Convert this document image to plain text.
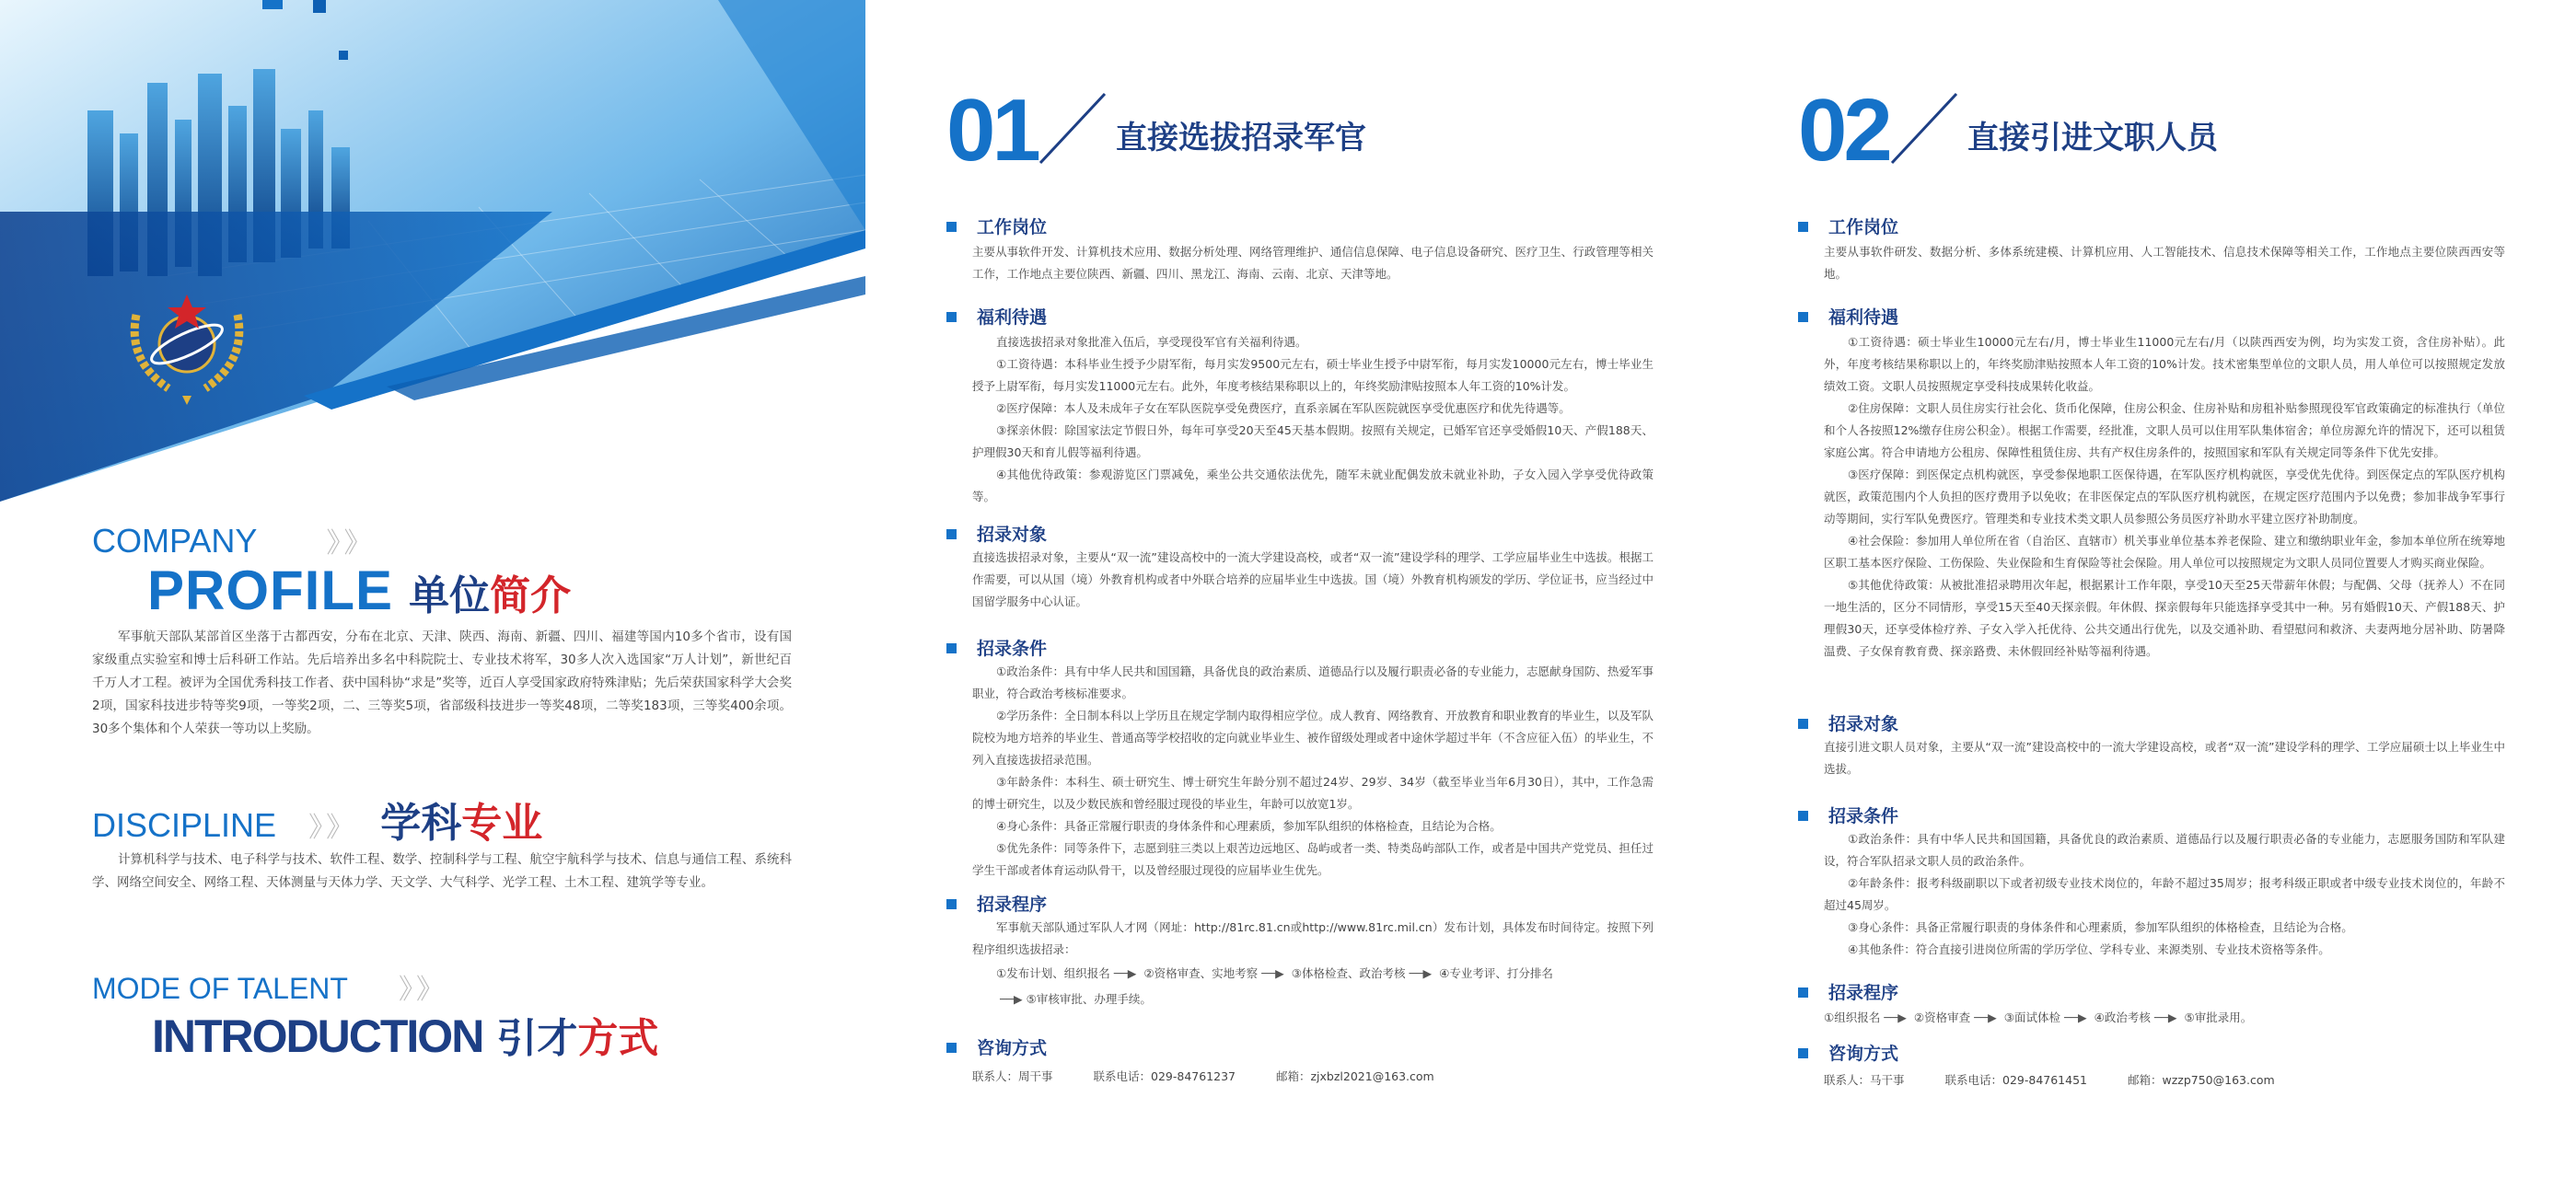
COMPANY	》》
PROFILE 单位简介
军事航天部队某部首区坐落于古都西安，分布在北京、天津、陕西、海南、新疆、四川、福建等国内10多个省市，设有国家级重点实验室和博士后科研工作站。先后培养出多名中科院院士、专业技术将军，30多人次入选国家“万人计划”，新世纪百千万人才工程。被评为全国优秀科技工作者、获中国科协“求是”奖等，近百人享受国家政府特殊津贴；先后荣获国家科学大会奖2项，国家科技进步特等奖9项，一等奖2项，二、三等奖5项，省部级科技进步一等奖48项，二等奖183项，三等奖400余项。30多个集体和个人荣获一等功以上奖励。
DISCIPLINE 》》 学科专业
计算机科学与技术、电子科学与技术、软件工程、数学、控制科学与工程、航空宇航科学与技术、信息与通信工程、系统科学、网络空间安全、网络工程、天体测量与天体力学、天文学、大气科学、光学工程、土木工程、建筑学等专业。
MODE OF TALENT 》》
INTRODUCTION 引才方式
01	直接选拔招录军官
工作岗位

主要从事软件开发、计算机技术应用、数据分析处理、网络管理维护、通信信息保障、电子信息设备研究、医疗卫生、行政管理等相关工作，工作地点主要位陕西、新疆、四川、黑龙江、海南、云南、北京、天津等地。

福利待遇

直接选拔招录对象批准入伍后，享受现役军官有关福利待遇。

①工资待遇：本科毕业生授予少尉军衔，每月实发9500元左右，硕士毕业生授予中尉军衔，每月实发10000元左右，博士毕业生授予上尉军衔，每月实发11000元左右。此外，年度考核结果称职以上的，年终奖励津贴按照本人年工资的10%计发。

②医疗保障：本人及未成年子女在军队医院享受免费医疗，直系亲属在军队医院就医享受优惠医疗和优先待遇等。

③探亲休假：除国家法定节假日外，每年可享受20天至45天基本假期。按照有关规定，已婚军官还享受婚假10天、产假188天、护理假30天和育儿假等福利待遇。

④其他优待政策：参观游览区门票减免，乘坐公共交通依法优先，随军未就业配偶发放未就业补助，子女入园入学享受优待政策等。

招录对象

直接选拔招录对象，主要从“双一流”建设高校中的一流大学建设高校，或者“双一流”建设学科的理学、工学应届毕业生中选拔。根据工作需要，可以从国（境）外教育机构或者中外联合培养的应届毕业生中选拔。国（境）外教育机构颁发的学历、学位证书，应当经过中国留学服务中心认证。

招录条件

①政治条件：具有中华人民共和国国籍，具备优良的政治素质、道德品行以及履行职责必备的专业能力，志愿献身国防、热爱军事职业，符合政治考核标准要求。

②学历条件：全日制本科以上学历且在规定学制内取得相应学位。成人教育、网络教育、开放教育和职业教育的毕业生，以及军队院校为地方培养的毕业生、普通高等学校招收的定向就业毕业生、被作留级处理或者中途休学超过半年（不含应征入伍）的毕业生，不列入直接选拔招录范围。

③年龄条件：本科生、硕士研究生、博士研究生年龄分别不超过24岁、29岁、34岁（截至毕业当年6月30日），其中，工作急需的博士研究生，以及少数民族和曾经服过现役的毕业生，年龄可以放宽1岁。

④身心条件：具备正常履行职责的身体条件和心理素质，参加军队组织的体格检查，且结论为合格。

⑤优先条件：同等条件下，志愿到驻三类以上艰苦边远地区、岛屿或者一类、特类岛屿部队工作，或者是中国共产党党员、担任过学生干部或者体育运动队骨干，以及曾经服过现役的应届毕业生优先。

招录程序

军事航天部队通过军队人才网（网址：http://81rc.81.cn或http://www.81rc.mil.cn）发布计划，具体发布时间待定。按照下列程序组织选拔招录：

①发布计划、组织报名 ──▶ ②资格审查、实地考察 ──▶ ③体格检查、政治考核 ──▶ ④专业考评、打分排名
──▶ ⑤审核审批、办理手续。
咨询方式
联系人：周干事	联系电话：029-84761237	邮箱：zjxbzl2021@163.com
02	直接引进文职人员
工作岗位

主要从事软件研发、数据分析、多体系统建模、计算机应用、人工智能技术、信息技术保障等相关工作，工作地点主要位陕西西安等地。

福利待遇

①工资待遇：硕士毕业生10000元左右/月，博士毕业生11000元左右/月（以陕西西安为例，均为实发工资，含住房补贴）。此外，年度考核结果称职以上的，年终奖励津贴按照本人年工资的10%计发。技术密集型单位的文职人员，用人单位可以按照规定发放绩效工资。文职人员按照规定享受科技成果转化收益。

②住房保障：文职人员住房实行社会化、货币化保障，住房公积金、住房补贴和房租补贴参照现役军官政策确定的标准执行（单位和个人各按照12%缴存住房公积金）。根据工作需要，经批准，文职人员可以住用军队集体宿舍；单位房源允许的情况下，还可以租赁家庭公寓。符合申请地方公租房、保障性租赁住房、共有产权住房条件的，按照国家和军队有关规定同等条件下优先安排。

③医疗保障：到医保定点机构就医，享受参保地职工医保待遇，在军队医疗机构就医，享受优先优待。到医保定点的军队医疗机构就医，政策范围内个人负担的医疗费用予以免收；在非医保定点的军队医疗机构就医，在规定医疗范围内予以免费；参加非战争军事行动等期间，实行军队免费医疗。管理类和专业技术类文职人员参照公务员医疗补助水平建立医疗补助制度。

④社会保险：参加用人单位所在省（自治区、直辖市）机关事业单位基本养老保险、建立和缴纳职业年金，参加本单位所在统筹地区职工基本医疗保险、工伤保险、失业保险和生育保险等社会保险。用人单位可以按照规定为文职人员同位置要人才购买商业保险。

⑤其他优待政策：从被批准招录聘用次年起，根据累计工作年限，享受10天至25天带薪年休假；与配偶、父母（抚养人）不在同一地生活的，区分不同情形，享受15天至40天探亲假。年休假、探亲假每年只能选择享受其中一种。另有婚假10天、产假188天、护理假30天，还享受体检疗养、子女入学入托优待、公共交通出行优先，以及交通补助、看望慰问和救济、夫妻两地分居补助、防暑降温费、子女保育教育费、探亲路费、未休假回经补贴等福利待遇。

招录对象

直接引进文职人员对象，主要从“双一流”建设高校中的一流大学建设高校，或者“双一流”建设学科的理学、工学应届硕士以上毕业生中选拔。

招录条件

①政治条件：具有中华人民共和国国籍，具备优良的政治素质、道德品行以及履行职责必备的专业能力，志愿服务国防和军队建设，符合军队招录文职人员的政治条件。

②年龄条件：报考科级副职以下或者初级专业技术岗位的，年龄不超过35周岁；报考科级正职或者中级专业技术岗位的，年龄不超过45周岁。

③身心条件：具备正常履行职责的身体条件和心理素质，参加军队组织的体格检查，且结论为合格。

④其他条件：符合直接引进岗位所需的学历学位、学科专业、来源类别、专业技术资格等条件。

招录程序
①组织报名 ──▶ ②资格审查 ──▶ ③面试体检 ──▶ ④政治考核 ──▶ ⑤审批录用。
咨询方式
联系人：马干事	联系电话：029-84761451	邮箱：wzzp750@163.com
